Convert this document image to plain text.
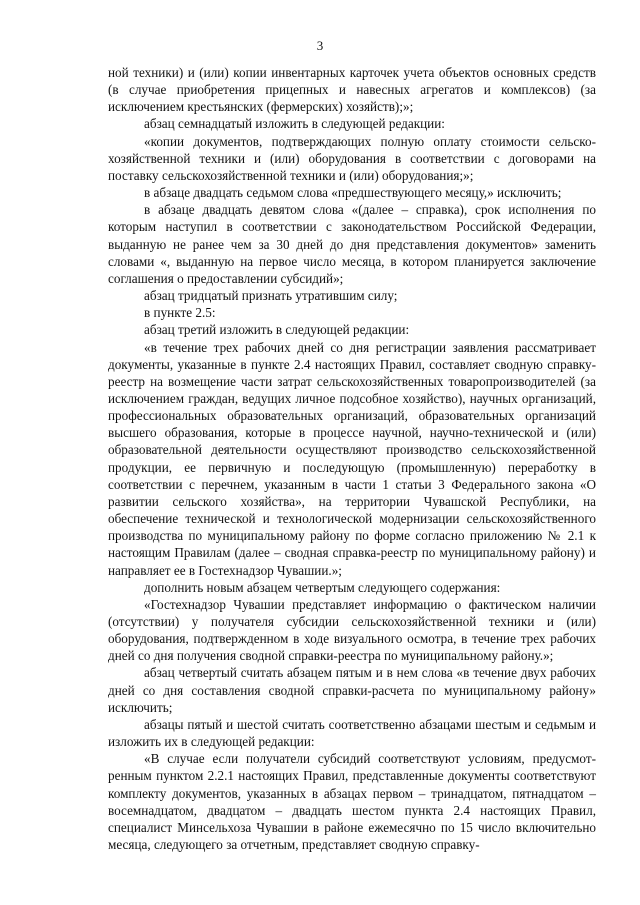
3

ной техники) и (или) копии инвентарных карточек учета объектов основных средств (в случае приобретения прицепных и навесных агрегатов и комплексов) (за исключением крестьянских (фермерских) хозяйств);»;

абзац семнадцатый изложить в следующей редакции:

«копии документов, подтверждающих полную оплату стоимости сельскохозяйственной техники и (или) оборудования в соответствии с договорами на поставку сельскохозяйственной техники и (или) оборудования;»;

в абзаце двадцать седьмом слова «предшествующего месяцу,» исключить;

в абзаце двадцать девятом слова «(далее – справка), срок исполнения по которым наступил в соответствии с законодательством Российской Федерации, выданную не ранее чем за 30 дней до дня представления документов» заменить словами «, выданную на первое число месяца, в котором планируется заключение соглашения о предоставлении субсидий»;

абзац тридцатый признать утратившим силу;

в пункте 2.5:

абзац третий изложить в следующей редакции:

«в течение трех рабочих дней со дня регистрации заявления рассматривает документы, указанные в пункте 2.4 настоящих Правил, составляет сводную справку-реестр на возмещение части затрат сельскохозяйственных товаропроизводителей (за исключением граждан, ведущих личное подсобное хозяйство), научных организаций, профессиональных образовательных организаций, образовательных организаций высшего образования, которые в процессе научной, научно-технической и (или) образовательной деятельности осуществляют производство сельскохозяйственной продукции, ее первичную и последующую (промышленную) переработку в соответствии с перечнем, указанным в части 1 статьи 3 Федерального закона «О развитии сельского хозяйства», на территории Чувашской Республики, на обеспечение технической и технологической модернизации сельскохозяйственного производства по муниципальному району по форме согласно приложению № 2.1 к настоящим Правилам (далее – сводная справка-реестр по муниципальному району) и направляет ее в Гостехнадзор Чувашии.»;

дополнить новым абзацем четвертым следующего содержания:

«Гостехнадзор Чувашии представляет информацию о фактическом наличии (отсутствии) у получателя субсидии сельскохозяйственной техники и (или) оборудования, подтвержденном в ходе визуального осмотра, в течение трех рабочих дней со дня получения сводной справки-реестра по муниципальному району.»;

абзац четвертый считать абзацем пятым и в нем слова «в течение двух рабочих дней со дня составления сводной справки-расчета по муниципальному району» исключить;

абзацы пятый и шестой считать соответственно абзацами шестым и седьмым и изложить их в следующей редакции:

«В случае если получатели субсидий соответствуют условиям, предусмотренным пунктом 2.2.1 настоящих Правил, представленные документы соответствуют комплекту документов, указанных в абзацах первом – тринадцатом, пятнадцатом – восемнадцатом, двадцатом – двадцать шестом пункта 2.4 настоящих Правил, специалист Минсельхоза Чувашии в районе ежемесячно по 15 число включительно месяца, следующего за отчетным, представляет сводную справку-
